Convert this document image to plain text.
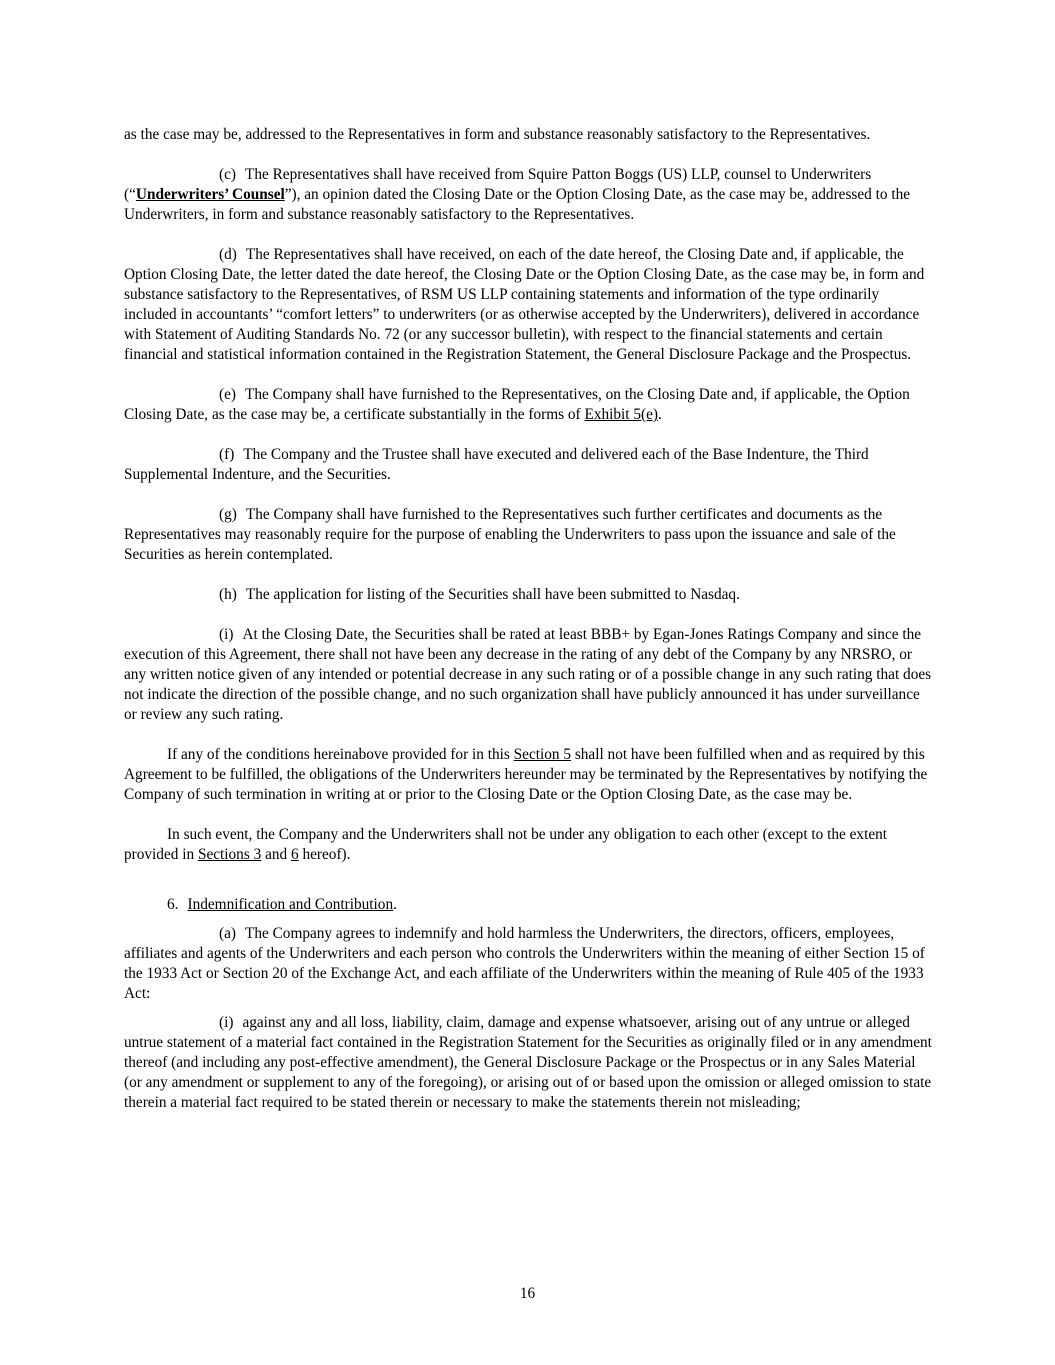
as the case may be, addressed to the Representatives in form and substance reasonably satisfactory to the Representatives.

(c) The Representatives shall have received from Squire Patton Boggs (US) LLP, counsel to Underwriters (“Underwriters’ Counsel”), an opinion dated the Closing Date or the Option Closing Date, as the case may be, addressed to the Underwriters, in form and substance reasonably satisfactory to the Representatives.

(d) The Representatives shall have received, on each of the date hereof, the Closing Date and, if applicable, the Option Closing Date, the letter dated the date hereof, the Closing Date or the Option Closing Date, as the case may be, in form and substance satisfactory to the Representatives, of RSM US LLP containing statements and information of the type ordinarily included in accountants’ “comfort letters” to underwriters (or as otherwise accepted by the Underwriters), delivered in accordance with Statement of Auditing Standards No. 72 (or any successor bulletin), with respect to the financial statements and certain financial and statistical information contained in the Registration Statement, the General Disclosure Package and the Prospectus.

(e) The Company shall have furnished to the Representatives, on the Closing Date and, if applicable, the Option Closing Date, as the case may be, a certificate substantially in the forms of Exhibit 5(e).

(f) The Company and the Trustee shall have executed and delivered each of the Base Indenture, the Third Supplemental Indenture, and the Securities.

(g) The Company shall have furnished to the Representatives such further certificates and documents as the Representatives may reasonably require for the purpose of enabling the Underwriters to pass upon the issuance and sale of the Securities as herein contemplated.

(h) The application for listing of the Securities shall have been submitted to Nasdaq.

(i) At the Closing Date, the Securities shall be rated at least BBB+ by Egan-Jones Ratings Company and since the execution of this Agreement, there shall not have been any decrease in the rating of any debt of the Company by any NRSRO, or any written notice given of any intended or potential decrease in any such rating or of a possible change in any such rating that does not indicate the direction of the possible change, and no such organization shall have publicly announced it has under surveillance or review any such rating.

If any of the conditions hereinabove provided for in this Section 5 shall not have been fulfilled when and as required by this Agreement to be fulfilled, the obligations of the Underwriters hereunder may be terminated by the Representatives by notifying the Company of such termination in writing at or prior to the Closing Date or the Option Closing Date, as the case may be.

In such event, the Company and the Underwriters shall not be under any obligation to each other (except to the extent provided in Sections 3 and 6 hereof).

6. Indemnification and Contribution.

(a) The Company agrees to indemnify and hold harmless the Underwriters, the directors, officers, employees, affiliates and agents of the Underwriters and each person who controls the Underwriters within the meaning of either Section 15 of the 1933 Act or Section 20 of the Exchange Act, and each affiliate of the Underwriters within the meaning of Rule 405 of the 1933 Act:

(i) against any and all loss, liability, claim, damage and expense whatsoever, arising out of any untrue or alleged untrue statement of a material fact contained in the Registration Statement for the Securities as originally filed or in any amendment thereof (and including any post-effective amendment), the General Disclosure Package or the Prospectus or in any Sales Material (or any amendment or supplement to any of the foregoing), or arising out of or based upon the omission or alleged omission to state therein a material fact required to be stated therein or necessary to make the statements therein not misleading;

16
